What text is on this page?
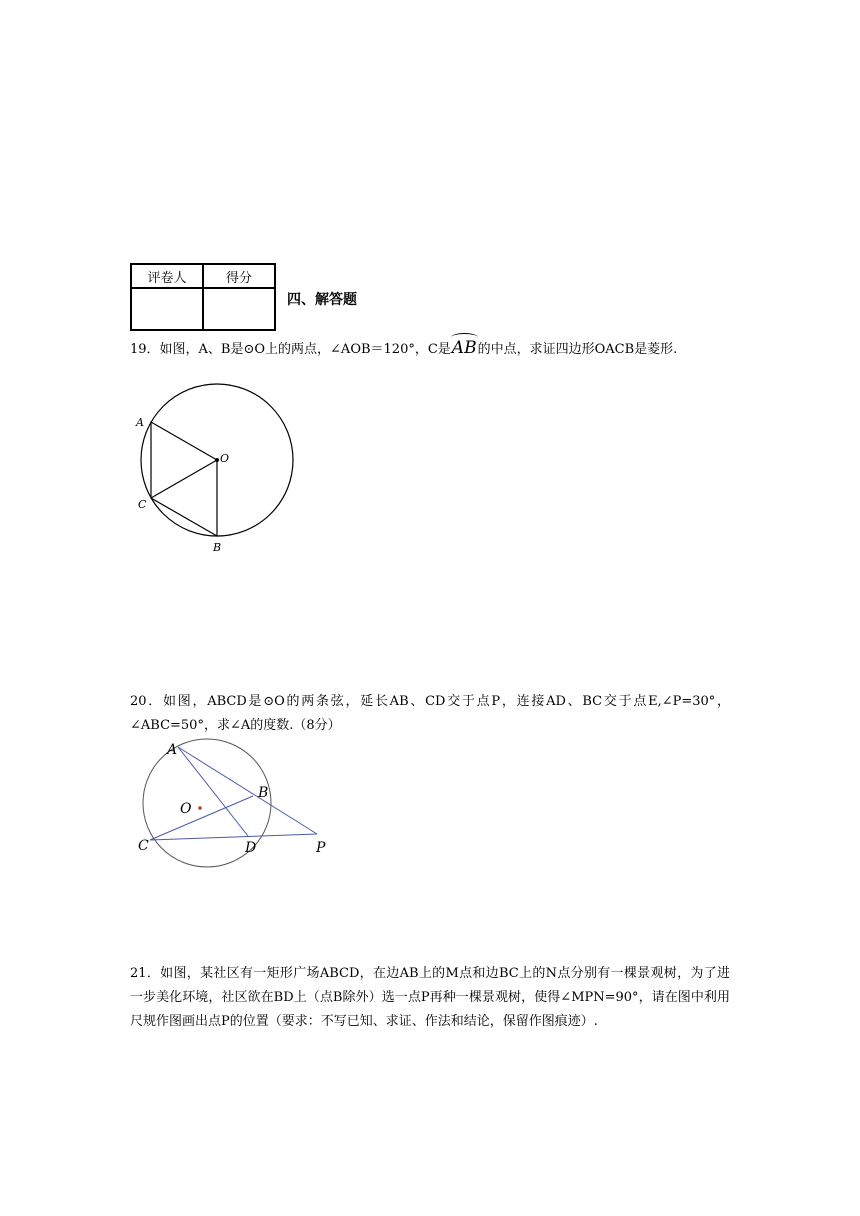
评卷人	得分

四、解答题
19．如图，A、B是⊙O上的两点，∠AOB＝120°，C是AB的中点，求证四边形OACB是菱形.
A
O
C
B
20．如图，ABCD是⊙O的两条弦，延长AB、CD交于点P，连接AD、BC交于点E,∠P=30°，∠ABC=50°，求∠A的度数.（8分）
A
O
B
C	D	P
21．如图，某社区有一矩形广场ABCD，在边AB上的M点和边BC上的N点分别有一棵景观树，为了进一步美化环境，社区欲在BD上（点B除外）选一点P再种一棵景观树，使得∠MPN=90°，请在图中利用尺规作图画出点P的位置（要求：不写已知、求证、作法和结论，保留作图痕迹）.
